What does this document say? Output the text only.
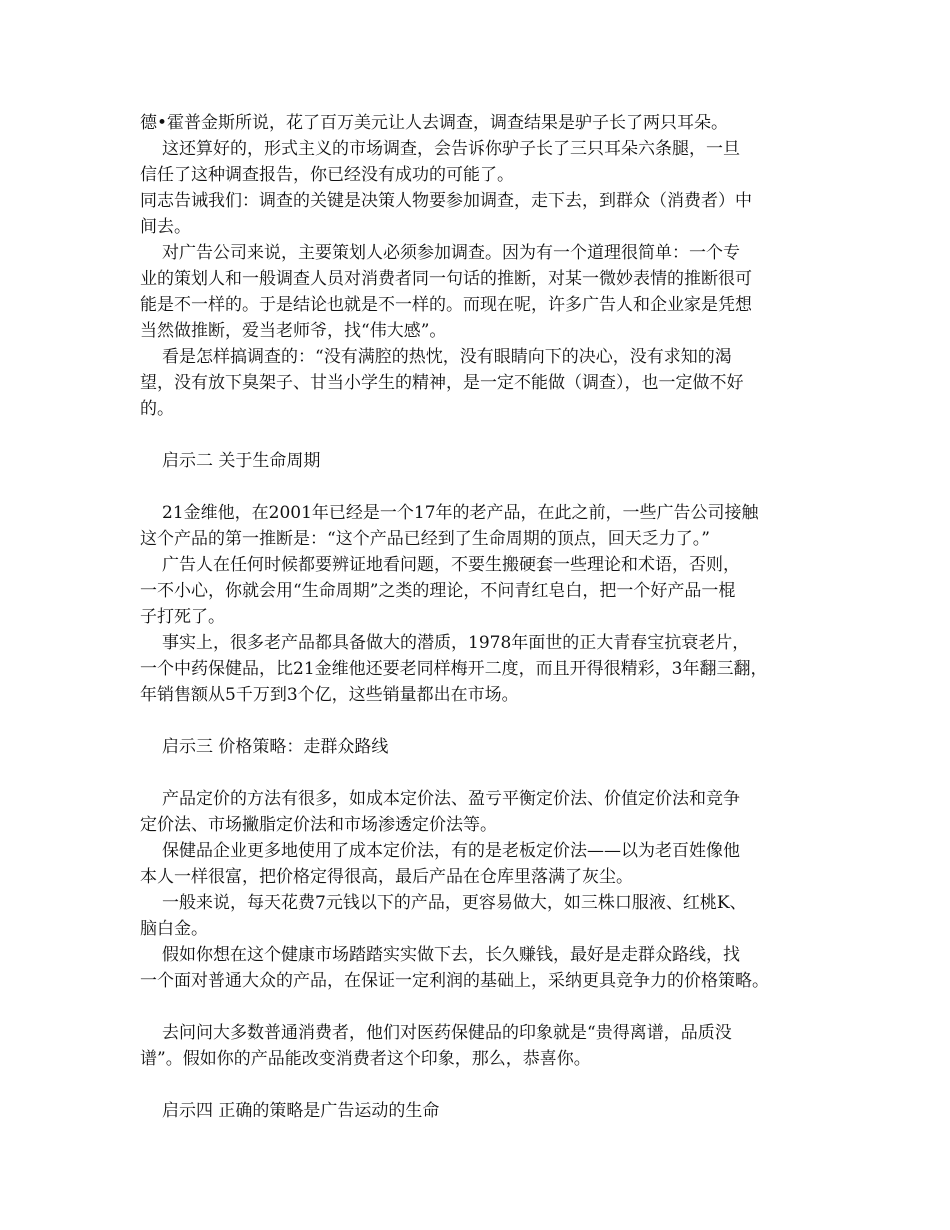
德•霍普金斯所说，花了百万美元让人去调查，调查结果是驴子长了两只耳朵。
这还算好的，形式主义的市场调查，会告诉你驴子长了三只耳朵六条腿，一旦
信任了这种调查报告，你已经没有成功的可能了。
同志告诫我们：调查的关键是决策人物要参加调查，走下去，到群众（消费者）中
间去。
对广告公司来说，主要策划人必须参加调查。因为有一个道理很简单：一个专
业的策划人和一般调查人员对消费者同一句话的推断，对某一微妙表情的推断很可
能是不一样的。于是结论也就是不一样的。而现在呢，许多广告人和企业家是凭想
当然做推断，爱当老师爷，找“伟大感”。
看是怎样搞调查的：“没有满腔的热忱，没有眼睛向下的决心，没有求知的渴
望，没有放下臭架子、甘当小学生的精神，是一定不能做（调查），也一定做不好
的。
启示二 关于生命周期
21金维他，在2001年已经是一个17年的老产品，在此之前，一些广告公司接触
这个产品的第一推断是：“这个产品已经到了生命周期的顶点，回天乏力了。”
广告人在任何时候都要辨证地看问题，不要生搬硬套一些理论和术语，否则，
一不小心，你就会用“生命周期”之类的理论，不问青红皂白，把一个好产品一棍
子打死了。
事实上，很多老产品都具备做大的潜质，1978年面世的正大青春宝抗衰老片，
一个中药保健品，比21金维他还要老同样梅开二度，而且开得很精彩，3年翻三翻，
年销售额从5千万到3个亿，这些销量都出在市场。
启示三 价格策略：走群众路线
产品定价的方法有很多，如成本定价法、盈亏平衡定价法、价值定价法和竞争
定价法、市场撇脂定价法和市场渗透定价法等。
保健品企业更多地使用了成本定价法，有的是老板定价法——以为老百姓像他
本人一样很富，把价格定得很高，最后产品在仓库里落满了灰尘。
一般来说，每天花费7元钱以下的产品，更容易做大，如三株口服液、红桃K、
脑白金。
假如你想在这个健康市场踏踏实实做下去，长久赚钱，最好是走群众路线，找
一个面对普通大众的产品，在保证一定利润的基础上，采纳更具竞争力的价格策略。
去问问大多数普通消费者，他们对医药保健品的印象就是“贵得离谱，品质没
谱”。假如你的产品能改变消费者这个印象，那么，恭喜你。
启示四 正确的策略是广告运动的生命
